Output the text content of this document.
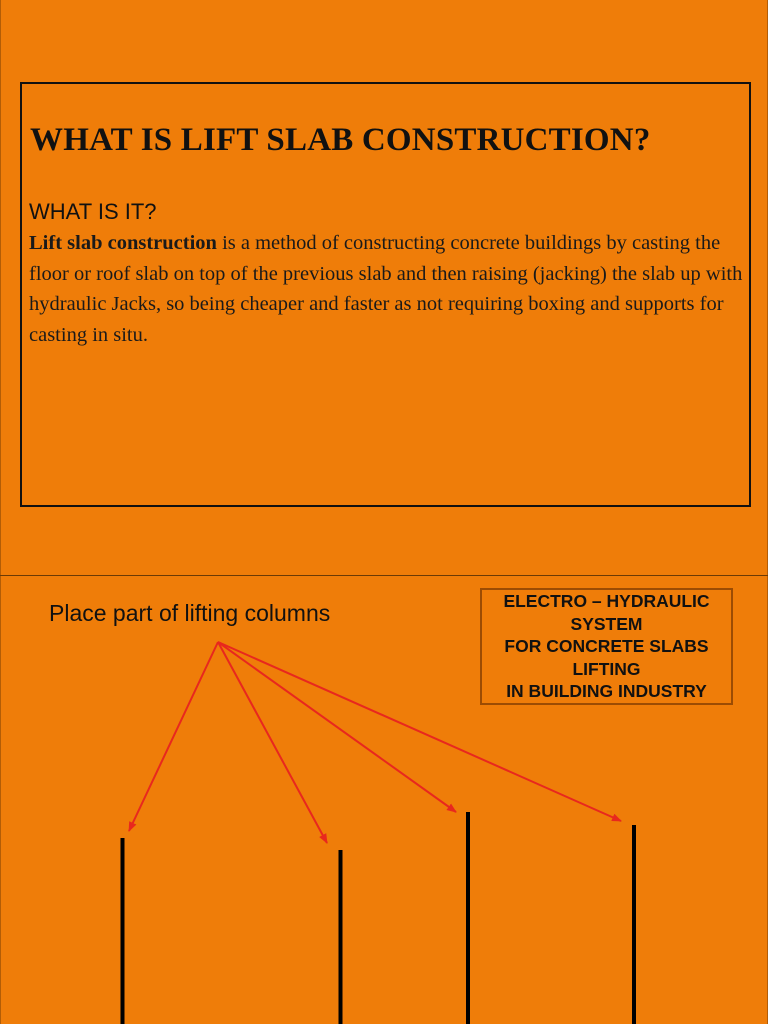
WHAT IS LIFT SLAB CONSTRUCTION?
WHAT IS IT?
Lift slab construction is a method of constructing concrete buildings by casting the floor or roof slab on top of the previous slab and then raising (jacking) the slab up with hydraulic Jacks, so being cheaper and faster as not requiring boxing and supports for casting in situ.
Place part of lifting columns	ELECTRO – HYDRAULIC
SYSTEM
FOR CONCRETE SLABS
LIFTING
IN BUILDING INDUSTRY
